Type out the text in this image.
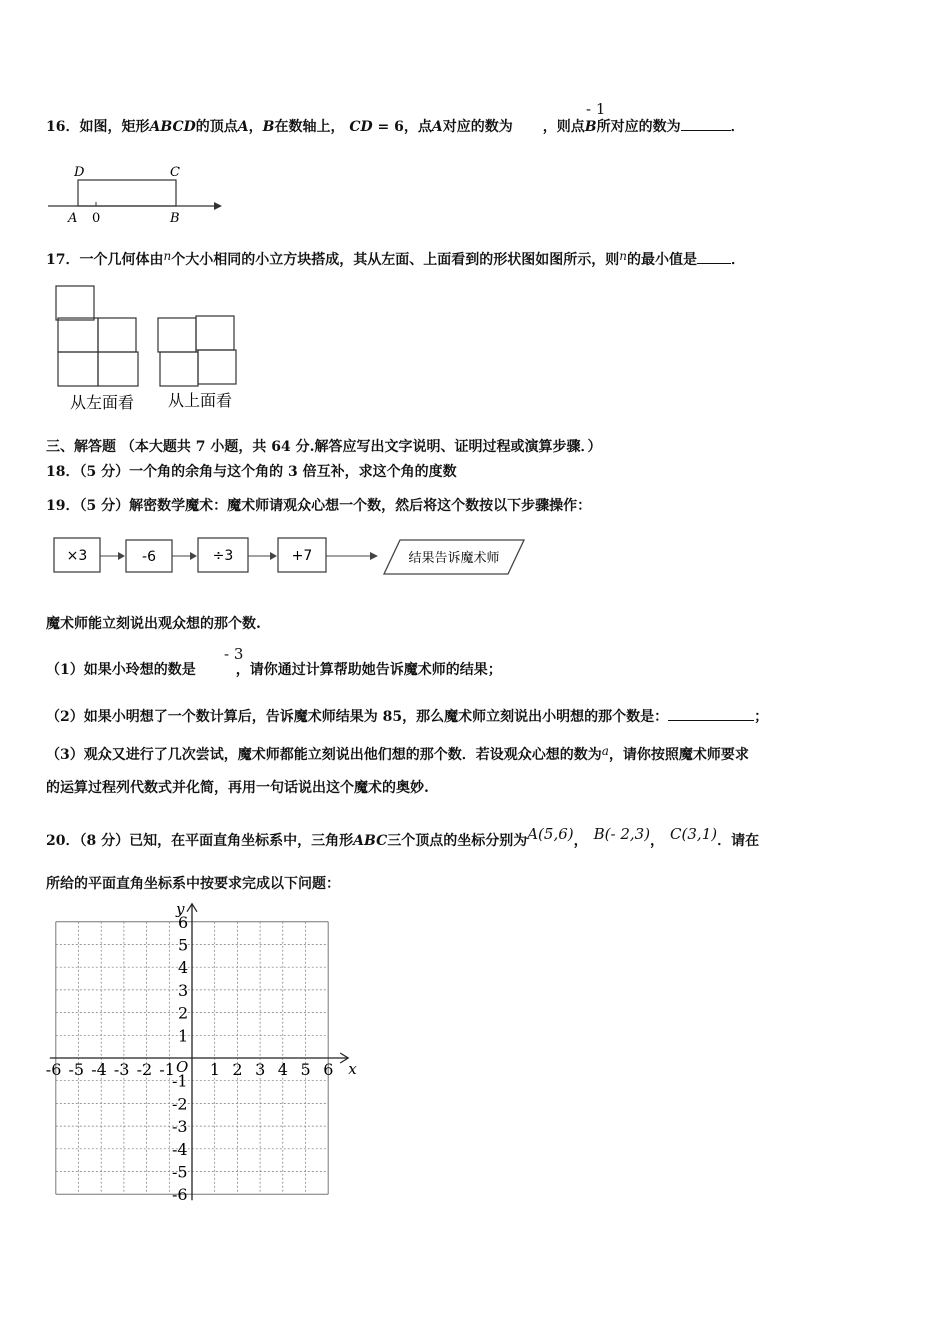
16．如图，矩形ABCD的顶点A，B在数轴上， CD = 6，点A对应的数为 ，则点B所对应的数为	．
- 1
D	C
A 0	B
17．一个几何体由n个大小相同的小立方块搭成，其从左面、上面看到的形状图如图所示，则n的最小值是 ．
从左面看 从上面看
三、解答题 （本大题共 7 小题，共 64 分.解答应写出文字说明、证明过程或演算步骤．）
18．（5 分）一个角的余角与这个角的 3 倍互补，求这个角的度数
19．（5 分）解密数学魔术：魔术师请观众心想一个数，然后将这个数按以下步骤操作：
×3	-6	÷3	+7	结果告诉魔术师
魔术师能立刻说出观众想的那个数.
（1）如果小玲想的数是	，请你通过计算帮助她告诉魔术师的结果；
- 3
（2）如果小明想了一个数计算后，告诉魔术师结果为 85，那么魔术师立刻说出小明想的那个数是：	；
（3）观众又进行了几次尝试，魔术师都能立刻说出他们想的那个数．若设观众心想的数为a，请你按照魔术师要求
的运算过程列代数式并化简，再用一句话说出这个魔术的奥妙.
20．（8 分）已知，在平面直角坐标系中，三角形ABC三个顶点的坐标分别为A(5,6)， B(- 2,3)， C(3,1)．请在
所给的平面直角坐标系中按要求完成以下问题：
x
y
O
-6 -5 -4 -3 -2 -1 1 2 3 4 5 6
6
5
4
3
2
1
-1
-2
-3
-4
-5
-6
